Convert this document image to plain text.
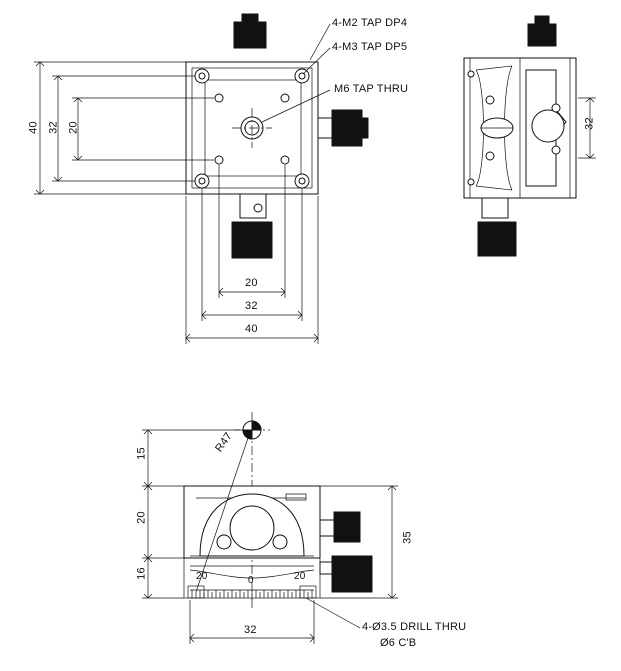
4-M2 TAP DP4
4-M3 TAP DP5
M6 TAP THRU
40 32 20
20
32
40
32
15
20
16
35
32
R47
20	0	20
4-Ø3.5 DRILL THRU
Ø6 C'B
